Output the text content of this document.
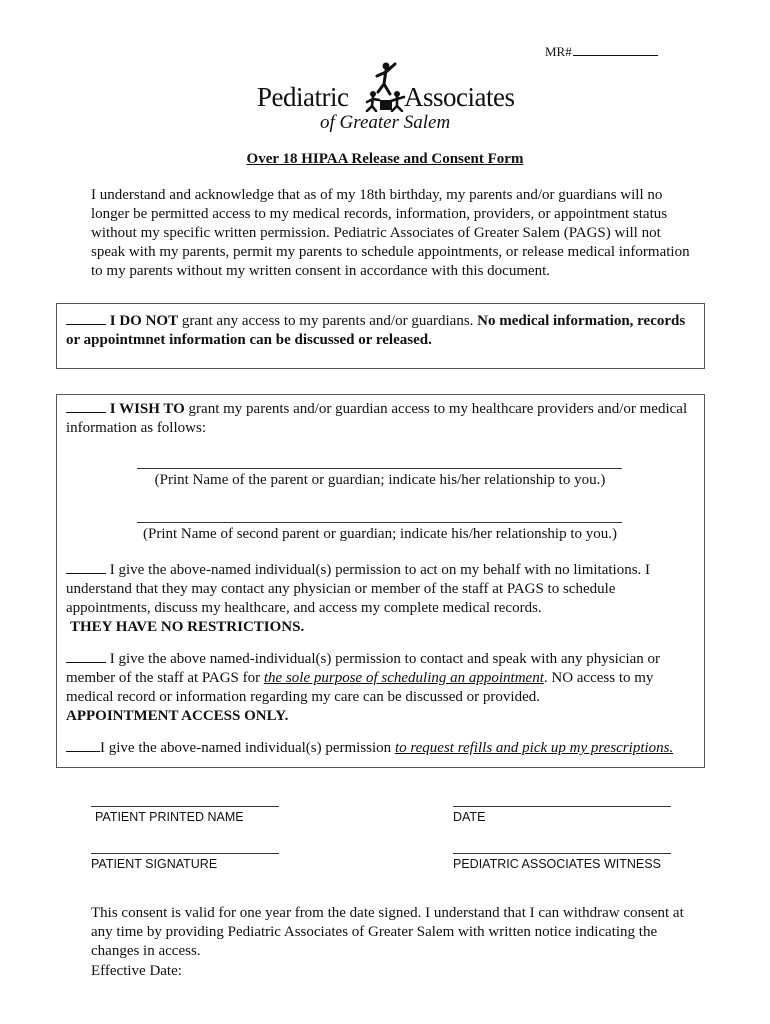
MR#
Pediatric Associates
of Greater Salem
Over 18 HIPAA Release and Consent Form
I understand and acknowledge that as of my 18th birthday, my parents and/or guardians will no longer be permitted access to my medical records, information, providers, or appointment status without my specific written permission. Pediatric Associates of Greater Salem (PAGS) will not speak with my parents, permit my parents to schedule appointments, or release medical information to my parents without my written consent in accordance with this document.
I DO NOT grant any access to my parents and/or guardians. No medical information, records or appointmnet information can be discussed or released.
I WISH TO grant my parents and/or guardian access to my healthcare providers and/or medical information as follows:
(Print Name of the parent or guardian; indicate his/her relationship to you.)
(Print Name of second parent or guardian; indicate his/her relationship to you.)
I give the above-named individual(s) permission to act on my behalf with no limitations. I understand that they may contact any physician or member of the staff at PAGS to schedule appointments, discuss my healthcare, and access my complete medical records.
THEY HAVE NO RESTRICTIONS.
I give the above named-individual(s) permission to contact and speak with any physician or member of the staff at PAGS for the sole purpose of scheduling an appointment. NO access to my medical record or information regarding my care can be discussed or provided.
APPOINTMENT ACCESS ONLY.
I give the above-named individual(s) permission to request refills and pick up my prescriptions.
PATIENT PRINTED NAME	DATE
PATIENT SIGNATURE	PEDIATRIC ASSOCIATES WITNESS
This consent is valid for one year from the date signed. I understand that I can withdraw consent at any time by providing Pediatric Associates of Greater Salem with written notice indicating the changes in access.
Effective Date:
